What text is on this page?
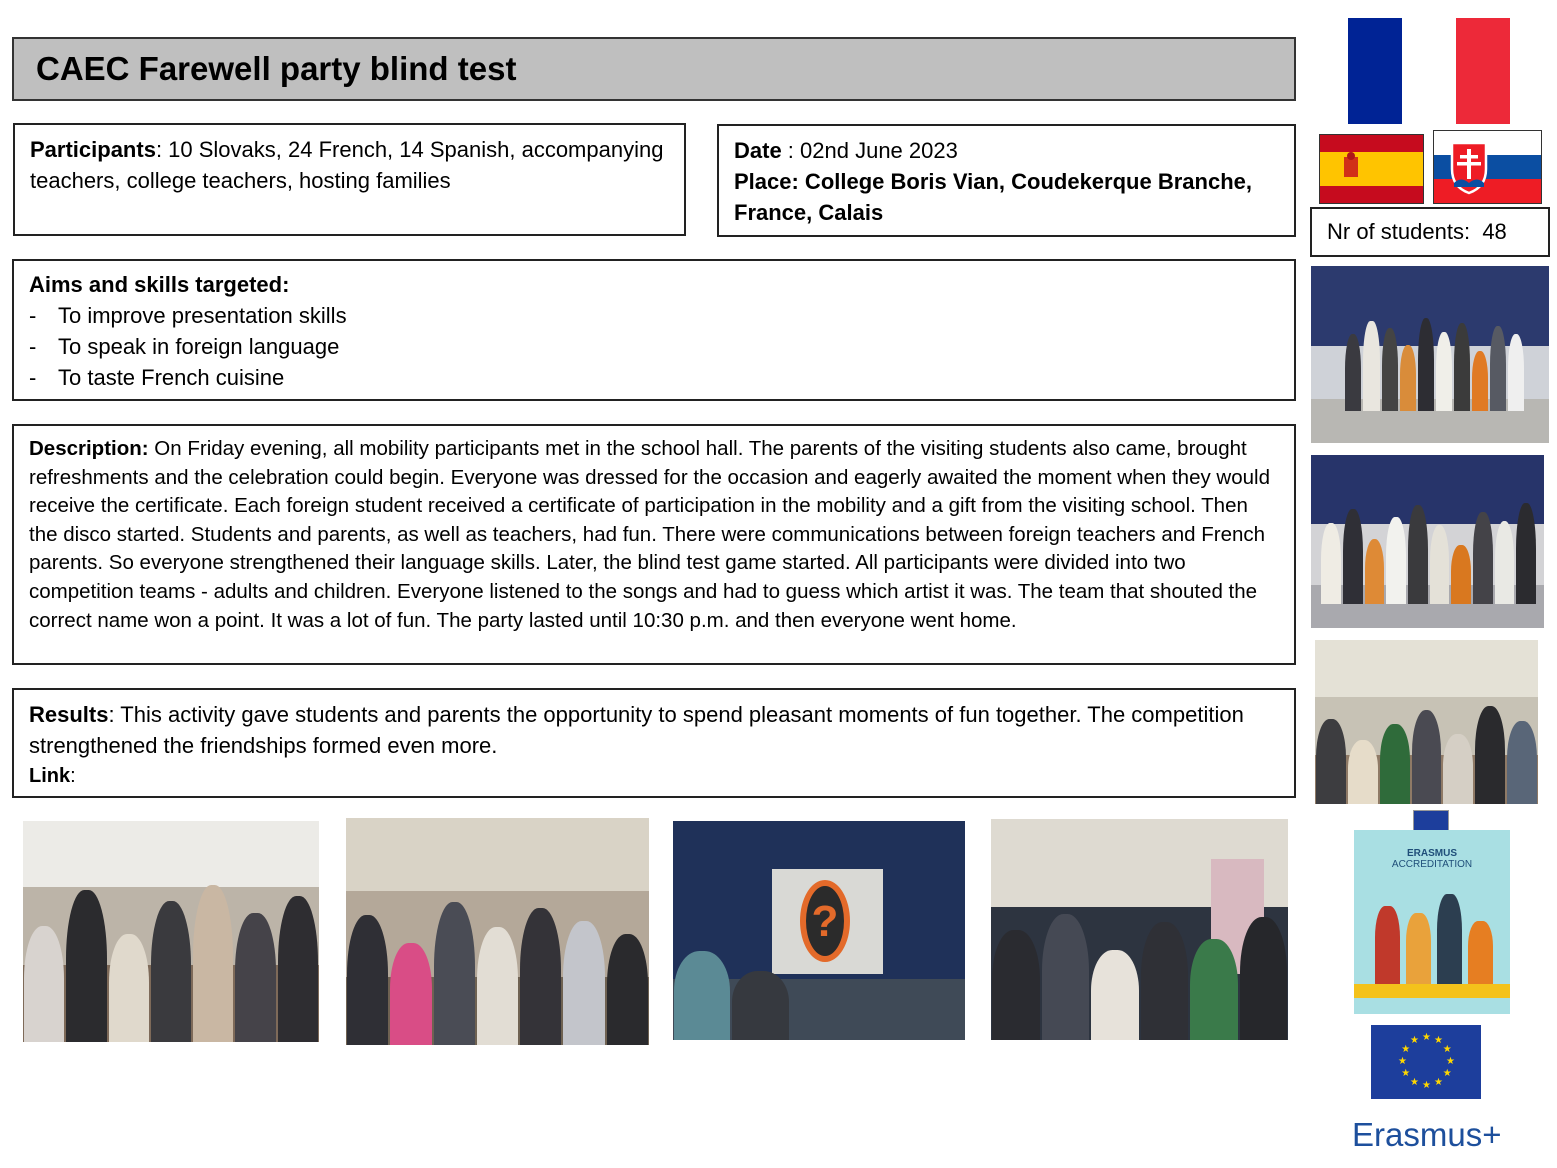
CAEC Farewell party blind test
Participants: 10 Slovaks, 24 French, 14 Spanish, accompanying teachers, college teachers, hosting families
Date : 02nd June 2023
Place: College Boris Vian, Coudekerque Branche, France, Calais
Aims and skills targeted:
- To improve presentation skills
- To speak in foreign language
- To taste French cuisine
Description: On Friday evening, all mobility participants met in the school hall. The parents of the visiting students also came, brought refreshments and the celebration could begin. Everyone was dressed for the occasion and eagerly awaited the moment when they would receive the certificate. Each foreign student received a certificate of participation in the mobility and a gift from the visiting school. Then the disco started. Students and parents, as well as teachers, had fun. There were communications between foreign teachers and French parents. So everyone strengthened their language skills. Later, the blind test game started. All participants were divided into two competition teams - adults and children. Everyone listened to the songs and had to guess which artist it was. The team that shouted the correct name won a point. It was a lot of fun. The party lasted until 10:30 p.m. and then everyone went home.
Results: This activity gave students and parents the opportunity to spend pleasant moments of fun together. The competition strengthened the friendships formed even more.
Link:
Nr of students: 48
ERASMUS
ACCREDITATION
★ ★
★
★
★
★
★
★
★
★
★
★
Erasmus+
?
